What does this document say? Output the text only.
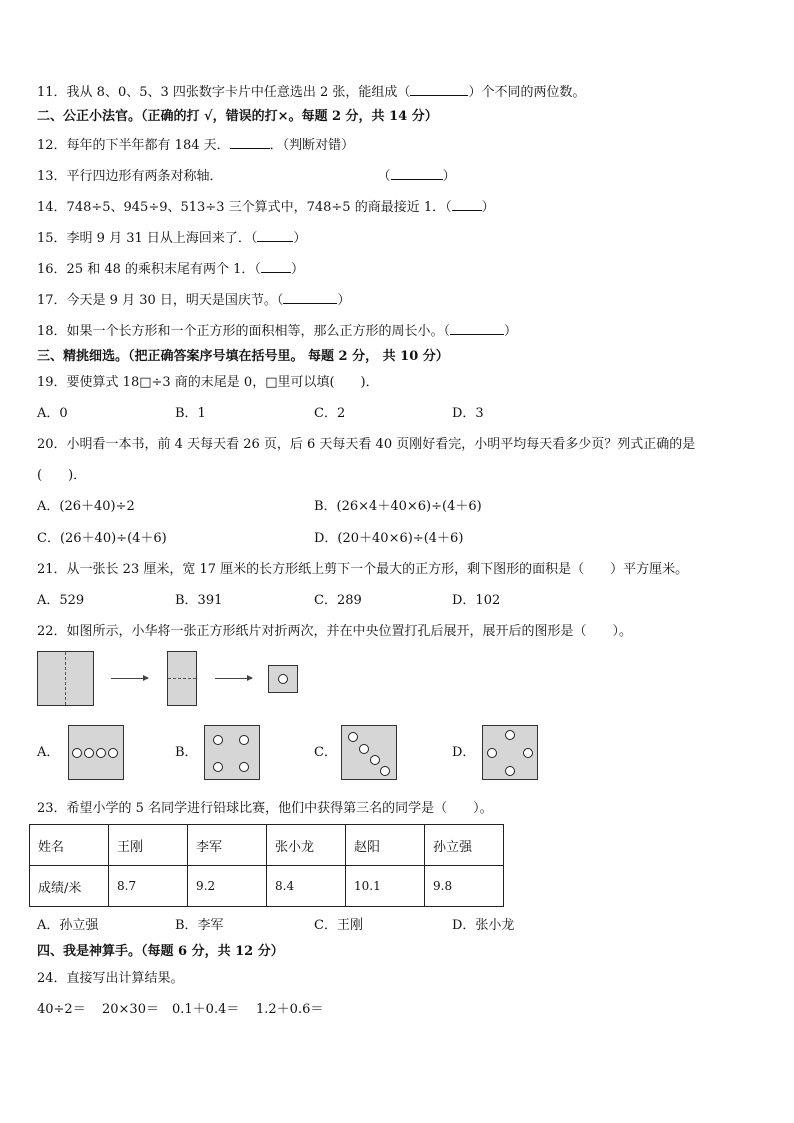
11．我从 8、0、5、3 四张数字卡片中任意选出 2 张，能组成（	）个不同的两位数。
二、公正小法官。（正确的打 √，错误的打×。每题 2 分，共 14 分）
12．每年的下半年都有 184 天．	．（判断对错）
13．平行四边形有两条对称轴．	（	）
14．748÷5、945÷9、513÷3 三个算式中，748÷5 的商最接近 1．（ ）
15．李明 9 月 31 日从上海回来了．（	）
16．25 和 48 的乘积末尾有两个 1．（ ）
17．今天是 9 月 30 日，明天是国庆节。（	）
18．如果一个长方形和一个正方形的面积相等，那么正方形的周长小。（	）
三、精挑细选。（把正确答案序号填在括号里。 每题 2 分， 共 10 分）
19．要使算式 18□÷3 商的末尾是 0，□里可以填(　　)．
A．0	B．1	C．2	D．3
20．小明看一本书，前 4 天每天看 26 页，后 6 天每天看 40 页刚好看完，小明平均每天看多少页？列式正确的是
(　　)．
A．(26＋40)÷2	B．(26×4＋40×6)÷(4＋6)
C．(26＋40)÷(4＋6)	D．(20＋40×6)÷(4＋6)
21．从一张长 23 厘米，宽 17 厘米的长方形纸上剪下一个最大的正方形，剩下图形的面积是（　　）平方厘米。
A．529	B．391	C．289	D．102
22．如图所示，小华将一张正方形纸片对折两次，并在中央位置打孔后展开，展开后的图形是（　　）。
A．	B．	C．	D．
23．希望小学的 5 名同学进行铅球比赛，他们中获得第三名的同学是（　　）。
姓名	王刚	李军	张小龙	赵阳	孙立强
成绩/米	8.7	9.2	8.4	10.1	9.8
A．孙立强	B．李军	C．王刚	D．张小龙
四、我是神算手。（每题 6 分，共 12 分）
24．直接写出计算结果。
40÷2＝ 20×30＝ 0.1＋0.4＝ 1.2＋0.6＝
